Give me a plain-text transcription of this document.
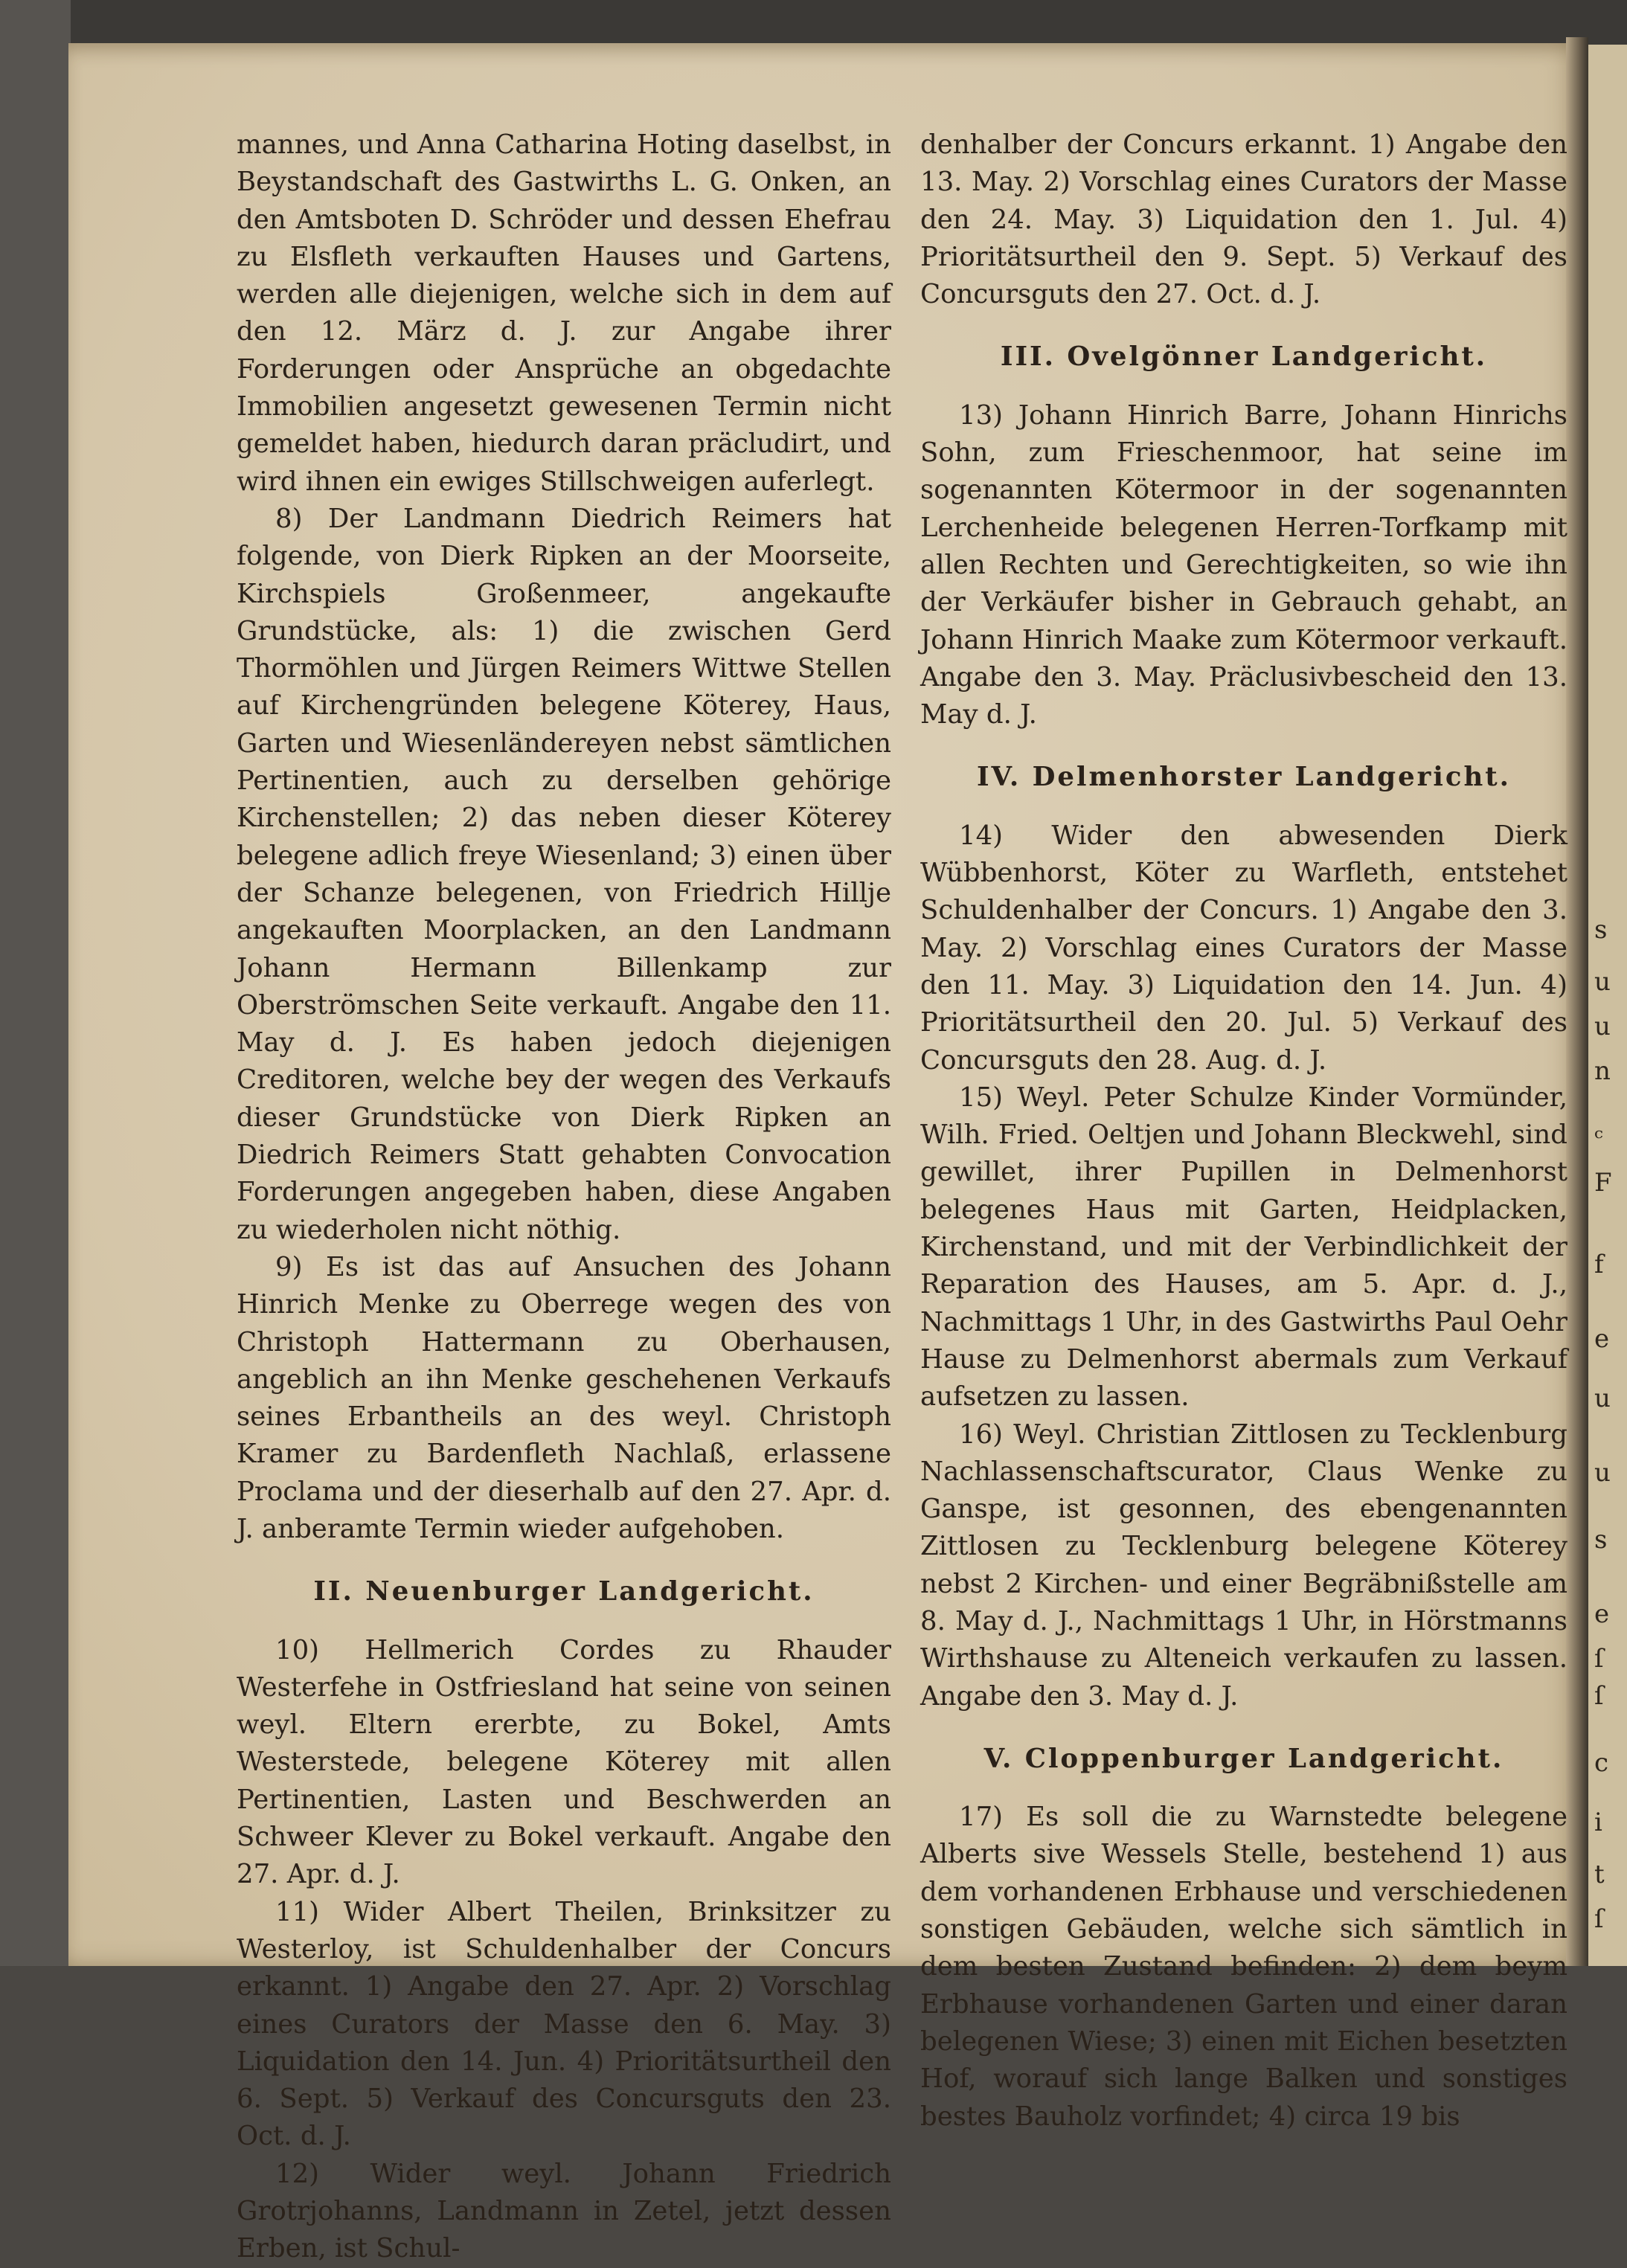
s
u
u
n
ᶜ
F
f
e
u
u
s
e
ſ
ſ
c
i
t
ſ

mannes, und Anna Catharina Hoting daselbst, in Beystandschaft des Gastwirths L. G. Onken, an den Amtsboten D. Schröder und dessen Ehefrau zu Elsfleth verkauften Hauses und Gartens, werden alle diejenigen, welche sich in dem auf den 12. März d. J. zur Angabe ihrer Forderungen oder Ansprüche an obgedachte Immobilien angesetzt gewesenen Termin nicht gemeldet haben, hiedurch daran präcludirt, und wird ihnen ein ewiges Stillschweigen auferlegt.

8) Der Landmann Diedrich Reimers hat folgende, von Dierk Ripken an der Moorseite, Kirchspiels Großenmeer, angekaufte Grundstücke, als: 1) die zwischen Gerd Thormöhlen und Jürgen Reimers Wittwe Stellen auf Kirchengründen belegene Köterey, Haus, Garten und Wiesenländereyen nebst sämtlichen Pertinentien, auch zu derselben gehörige Kirchenstellen; 2) das neben dieser Köterey belegene adlich freye Wiesenland; 3) einen über der Schanze belegenen, von Friedrich Hillje angekauften Moorplacken, an den Landmann Johann Hermann Billenkamp zur Oberströmschen Seite verkauft. Angabe den 11. May d. J. Es haben jedoch diejenigen Creditoren, welche bey der wegen des Verkaufs dieser Grundstücke von Dierk Ripken an Diedrich Reimers Statt gehabten Convocation Forderungen angegeben haben, diese Angaben zu wiederholen nicht nöthig.

9) Es ist das auf Ansuchen des Johann Hinrich Menke zu Oberrege wegen des von Christoph Hattermann zu Oberhausen, angeblich an ihn Menke geschehenen Verkaufs seines Erbantheils an des weyl. Christoph Kramer zu Bardenfleth Nachlaß, erlassene Proclama und der dieserhalb auf den 27. Apr. d. J. anberamte Termin wieder aufgehoben.

II. Neuenburger Landgericht.

10) Hellmerich Cordes zu Rhauder Westerfehe in Ostfriesland hat seine von seinen weyl. Eltern ererbte, zu Bokel, Amts Westerstede, belegene Köterey mit allen Pertinentien, Lasten und Beschwerden an Schweer Klever zu Bokel verkauft. Angabe den 27. Apr. d. J.

11) Wider Albert Theilen, Brinksitzer zu Westerloy, ist Schuldenhalber der Concurs erkannt. 1) Angabe den 27. Apr. 2) Vorschlag eines Curators der Masse den 6. May. 3) Liquidation den 14. Jun. 4) Prioritätsurtheil den 6. Sept. 5) Verkauf des Concursguts den 23. Oct. d. J.

12) Wider weyl. Johann Friedrich Grotrjohanns, Landmann in Zetel, jetzt dessen Erben, ist Schul-

denhalber der Concurs erkannt. 1) Angabe den 13. May. 2) Vorschlag eines Curators der Masse den 24. May. 3) Liquidation den 1. Jul. 4) Prioritätsurtheil den 9. Sept. 5) Verkauf des Concursguts den 27. Oct. d. J.

III. Ovelgönner Landgericht.

13) Johann Hinrich Barre, Johann Hinrichs Sohn, zum Frieschenmoor, hat seine im sogenannten Kötermoor in der sogenannten Lerchenheide belegenen Herren-Torfkamp mit allen Rechten und Gerechtigkeiten, so wie ihn der Verkäufer bisher in Gebrauch gehabt, an Johann Hinrich Maake zum Kötermoor verkauft. Angabe den 3. May. Präclusivbescheid den 13. May d. J.

IV. Delmenhorster Landgericht.

14) Wider den abwesenden Dierk Wübbenhorst, Köter zu Warfleth, entstehet Schuldenhalber der Concurs. 1) Angabe den 3. May. 2) Vorschlag eines Curators der Masse den 11. May. 3) Liquidation den 14. Jun. 4) Prioritätsurtheil den 20. Jul. 5) Verkauf des Concursguts den 28. Aug. d. J.

15) Weyl. Peter Schulze Kinder Vormünder, Wilh. Fried. Oeltjen und Johann Bleckwehl, sind gewillet, ihrer Pupillen in Delmenhorst belegenes Haus mit Garten, Heidplacken, Kirchenstand, und mit der Verbindlichkeit der Reparation des Hauses, am 5. Apr. d. J., Nachmittags 1 Uhr, in des Gastwirths Paul Oehr Hause zu Delmenhorst abermals zum Verkauf aufsetzen zu lassen.

16) Weyl. Christian Zittlosen zu Tecklenburg Nachlassenschaftscurator, Claus Wenke zu Ganspe, ist gesonnen, des ebengenannten Zittlosen zu Tecklenburg belegene Köterey nebst 2 Kirchen- und einer Begräbnißstelle am 8. May d. J., Nachmittags 1 Uhr, in Hörstmanns Wirthshause zu Alteneich verkaufen zu lassen. Angabe den 3. May d. J.

V. Cloppenburger Landgericht.

17) Es soll die zu Warnstedte belegene Alberts sive Wessels Stelle, bestehend 1) aus dem vorhandenen Erbhause und verschiedenen sonstigen Gebäuden, welche sich sämtlich in dem besten Zustand befinden: 2) dem beym Erbhause vorhandenen Garten und einer daran belegenen Wiese; 3) einen mit Eichen besetzten Hof, worauf sich lange Balken und sonstiges bestes Bauholz vorfindet; 4) circa 19 bis
